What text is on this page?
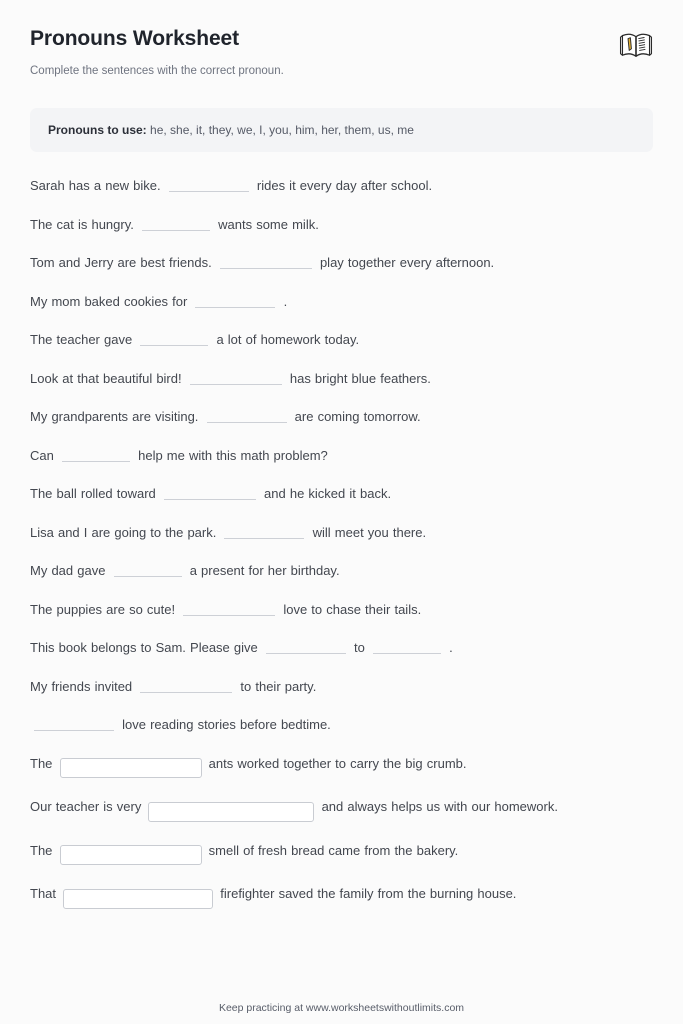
Pronouns Worksheet

Complete the sentences with the correct pronoun.

Pronouns to use: he, she, it, they, we, I, you, him, her, them, us, me
Sarah has a new bike.	rides it every day after school.
The cat is hungry.	wants some milk.
Tom and Jerry are best friends.	play together every afternoon.
My mom baked cookies for	.
The teacher gave	a lot of homework today.
Look at that beautiful bird!	has bright blue feathers.
My grandparents are visiting.	are coming tomorrow.
Can	help me with this math problem?
The ball rolled toward	and he kicked it back.
Lisa and I are going to the park.	will meet you there.
My dad gave	a present for her birthday.
The puppies are so cute!	love to chase their tails.
This book belongs to Sam. Please give	to	.
My friends invited	to their party.
love reading stories before bedtime.
The	ants worked together to carry the big crumb.
Our teacher is very	and always helps us with our homework.
The	smell of fresh bread came from the bakery.
That	firefighter saved the family from the burning house.
Keep practicing at www.worksheetswithoutlimits.com
